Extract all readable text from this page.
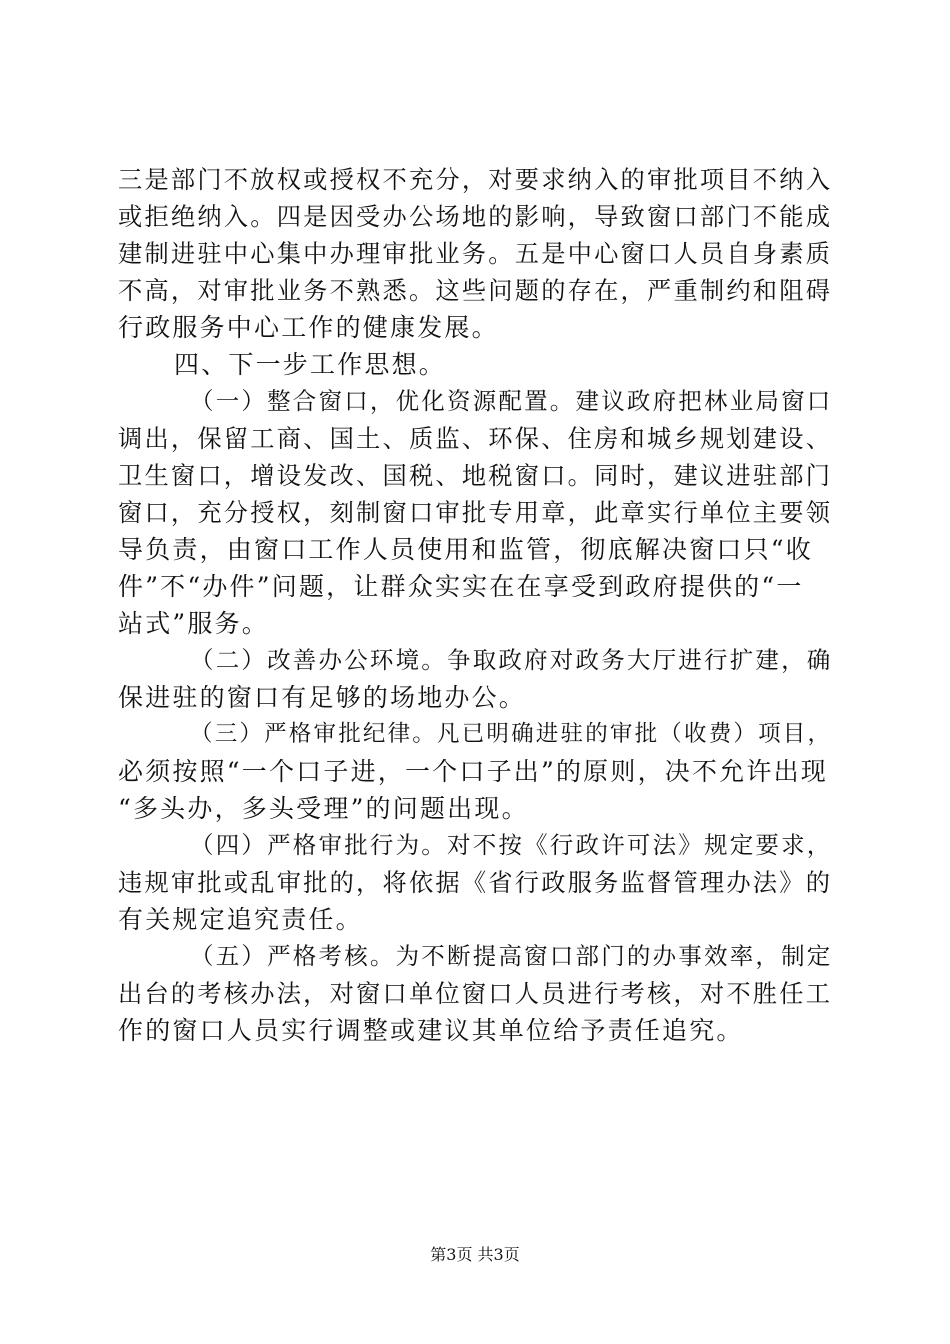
三是部门不放权或授权不充分，对要求纳入的审批项目不纳入
或拒绝纳入。四是因受办公场地的影响，导致窗口部门不能成
建制进驻中心集中办理审批业务。五是中心窗口人员自身素质
不高，对审批业务不熟悉。这些问题的存在，严重制约和阻碍
行政服务中心工作的健康发展。
四、下一步工作思想。
（一）整合窗口，优化资源配置。建议政府把林业局窗口
调出，保留工商、国土、质监、环保、住房和城乡规划建设、
卫生窗口，增设发改、国税、地税窗口。同时，建议进驻部门
窗口，充分授权，刻制窗口审批专用章，此章实行单位主要领
导负责，由窗口工作人员使用和监管，彻底解决窗口只“收
件”不“办件”问题，让群众实实在在享受到政府提供的“一
站式”服务。
（二）改善办公环境。争取政府对政务大厅进行扩建，确
保进驻的窗口有足够的场地办公。
（三）严格审批纪律。凡已明确进驻的审批（收费）项目，
必须按照“一个口子进，一个口子出”的原则，决不允许出现
“多头办，多头受理”的问题出现。
（四）严格审批行为。对不按《行政许可法》规定要求，
违规审批或乱审批的，将依据《省行政服务监督管理办法》的
有关规定追究责任。
（五）严格考核。为不断提高窗口部门的办事效率，制定
出台的考核办法，对窗口单位窗口人员进行考核，对不胜任工
作的窗口人员实行调整或建议其单位给予责任追究。
第3页 共3页
